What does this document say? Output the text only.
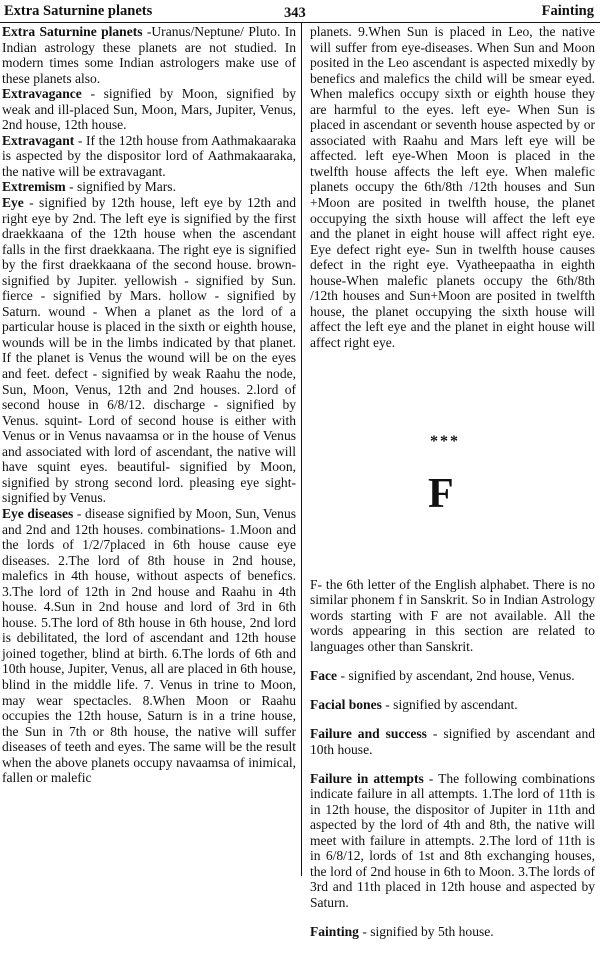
Extra Saturnine planets	343	Fainting

Extra Saturnine planets -Uranus/Neptune/ Pluto. In Indian astrology these planets are not studied. In modern times some Indian astrologers make use of these planets also.

Extravagance - signified by Moon, signified by weak and ill-placed Sun, Moon, Mars, Jupiter, Venus, 2nd house, 12th house.

Extravagant - If the 12th house from Aathmakaaraka is aspected by the dispositor lord of Aathmakaaraka, the native will be extravagant.

Extremism - signified by Mars.

Eye - signified by 12th house, left eye by 12th and right eye by 2nd. The left eye is signified by the first draekkaana of the 12th house when the ascendant falls in the first draekkaana. The right eye is signified by the first draekkaana of the second house. brown- signified by Jupiter. yellowish - signified by Sun. fierce - signified by Mars. hollow - signified by Saturn. wound - When a planet as the lord of a particular house is placed in the sixth or eighth house, wounds will be in the limbs indicated by that planet. If the planet is Venus the wound will be on the eyes and feet. defect - signified by weak Raahu the node, Sun, Moon, Venus, 12th and 2nd houses. 2.lord of second house in 6/8/12. discharge - signified by Venus. squint- Lord of second house is either with Venus or in Venus navaamsa or in the house of Venus and associated with lord of ascendant, the native will have squint eyes. beautiful- signified by Moon, signified by strong second lord. pleasing eye sight- signified by Venus.

Eye diseases - disease signified by Moon, Sun, Venus and 2nd and 12th houses. combinations- 1.Moon and the lords of 1/2/7placed in 6th house cause eye diseases. 2.The lord of 8th house in 2nd house, malefics in 4th house, without aspects of benefics. 3.The lord of 12th in 2nd house and Raahu in 4th house. 4.Sun in 2nd house and lord of 3rd in 6th house. 5.The lord of 8th house in 6th house, 2nd lord is debilitated, the lord of ascendant and 12th house joined together, blind at birth. 6.The lords of 6th and 10th house, Jupiter, Venus, all are placed in 6th house, blind in the middle life. 7. Venus in trine to Moon, may wear spectacles. 8.When Moon or Raahu occupies the 12th house, Saturn is in a trine house, the Sun in 7th or 8th house, the native will suffer diseases of teeth and eyes. The same will be the result when the above planets occupy navaamsa of inimical, fallen or malefic

planets. 9.When Sun is placed in Leo, the native will suffer from eye-diseases. When Sun and Moon posited in the Leo ascendant is aspected mixedly by benefics and malefics the child will be smear eyed. When malefics occupy sixth or eighth house they are harmful to the eyes. left eye- When Sun is placed in ascendant or seventh house aspected by or associated with Raahu and Mars left eye will be affected. left eye-When Moon is placed in the twelfth house affects the left eye. When malefic planets occupy the 6th/8th /12th houses and Sun +Moon are posited in twelfth house, the planet occupying the sixth house will affect the left eye and the planet in eight house will affect right eye. Eye defect right eye- Sun in twelfth house causes defect in the right eye. Vyatheepaatha in eighth house-When malefic planets occupy the 6th/8th /12th houses and Sun+Moon are posited in twelfth house, the planet occupying the sixth house will affect the left eye and the planet in eight house will affect right eye.
***
F

F- the 6th letter of the English alphabet. There is no similar phonem f in Sanskrit. So in Indian Astrology words starting with F are not available. All the words appearing in this section are related to languages other than Sanskrit.

Face - signified by ascendant, 2nd house, Venus.

Facial bones - signified by ascendant.

Failure and success - signified by ascendant and 10th house.

Failure in attempts - The following combinations indicate failure in all attempts. 1.The lord of 11th is in 12th house, the dispositor of Jupiter in 11th and aspected by the lord of 4th and 8th, the native will meet with failure in attempts. 2.The lord of 11th is in 6/8/12, lords of 1st and 8th exchanging houses, the lord of 2nd house in 6th to Moon. 3.The lords of 3rd and 11th placed in 12th house and aspected by Saturn.

Fainting - signified by 5th house.
